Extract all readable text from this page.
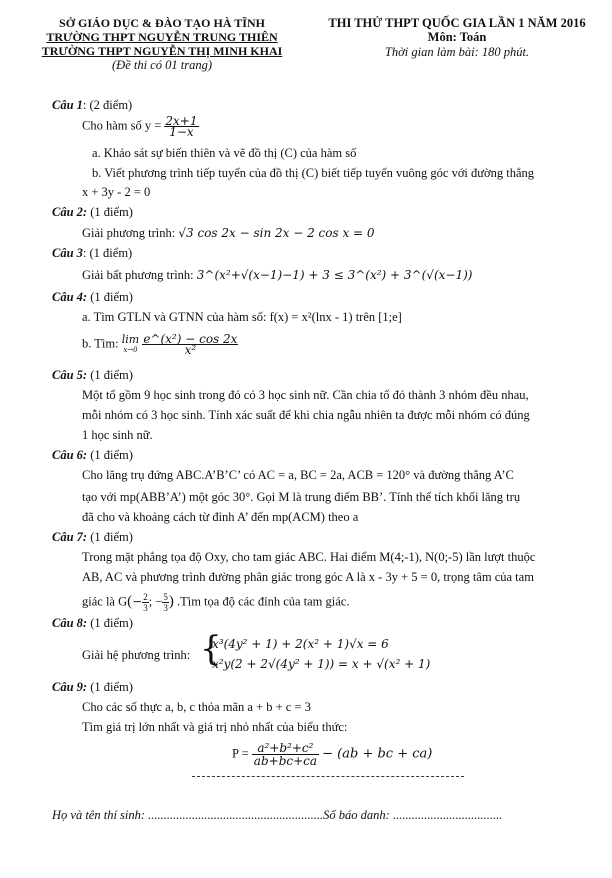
SỞ GIÁO DỤC & ĐÀO TẠO HÀ TĨNH
TRƯỜNG THPT NGUYỄN TRUNG THIÊN
TRƯỜNG THPT NGUYỄN THỊ MINH KHAI
(Đề thi có 01 trang)
THI THỬ THPT QUỐC GIA LẦN 1 NĂM 2016
Môn: Toán
Thời gian làm bài: 180 phút.
Câu 1: (2 điểm)
Cho hàm số $y = \frac{2x+1}{1-x}$
a. Khảo sát sự biến thiên và vẽ đồ thị (C) của hàm số
b. Viết phương trình tiếp tuyến của đồ thị (C) biết tiếp tuyến vuông góc với đường thẳng
x + 3y - 2 = 0
Câu 2: (1 điểm)
Giải phương trình: √3 cos 2x − sin 2x − 2 cos x = 0
Câu 3: (1 điểm)
Giải bất phương trình: 3^(x²+√(x−1)−1) + 3 ≤ 3^(x²) + 3^(√(x−1))
Câu 4: (1 điểm)
a. Tìm GTLN và GTNN của hàm số: f(x) = x²(lnx - 1) trên [1;e]
b. Tìm: lim
x→0
$\frac{\text{e\textasciicircum{}(x²) − cos 2x}}{\text{x²}}$
Câu 5: (1 điểm)
Một tổ gồm 9 học sinh trong đó có 3 học sinh nữ. Cần chia tổ đó thành 3 nhóm đều nhau,
mỗi nhóm có 3 học sinh. Tính xác suất để khi chia ngẫu nhiên ta được mỗi nhóm có đúng
1 học sinh nữ.
Câu 6: (1 điểm)
Cho lăng trụ đứng ABC.A’B’C’ có AC = a, BC = 2a, ACB = 120° và đường thẳng A’C
tạo với mp(ABB’A’) một góc 30°. Gọi M là trung điểm BB’. Tính thể tích khối lăng trụ
đã cho và khoảng cách từ đỉnh A’ đến mp(ACM) theo a
Câu 7: (1 điểm)
Trong mặt phẳng tọa độ Oxy, cho tam giác ABC. Hai điểm M(4;-1), N(0;-5) lần lượt thuộc
AB, AC và phương trình đường phân giác trong góc A là x - 3y + 5 = 0, trọng tâm của tam
giác là $G(- \frac{2}{3}$ ; − $\frac{5}{3}$ ) .Tìm tọa độ các đỉnh của tam giác.
Câu 8: (1 điểm)
Giải hệ phương trình: {
x³(4y² + 1) + 2(x² + 1)√x = 6
x²y(2 + 2√(4y² + 1)) = x + √(x² + 1)
Câu 9: (1 điểm)
Cho các số thực a, b, c thỏa mãn a + b + c = 3
Tìm giá trị lớn nhất và giá trị nhỏ nhất của biểu thức:
$P = \frac{\text{a²+b²+c²}}{ab+bc+ca} - (ab$ + bc + ca)
Họ và tên thí sinh: ........................................................Số báo danh: ...................................
